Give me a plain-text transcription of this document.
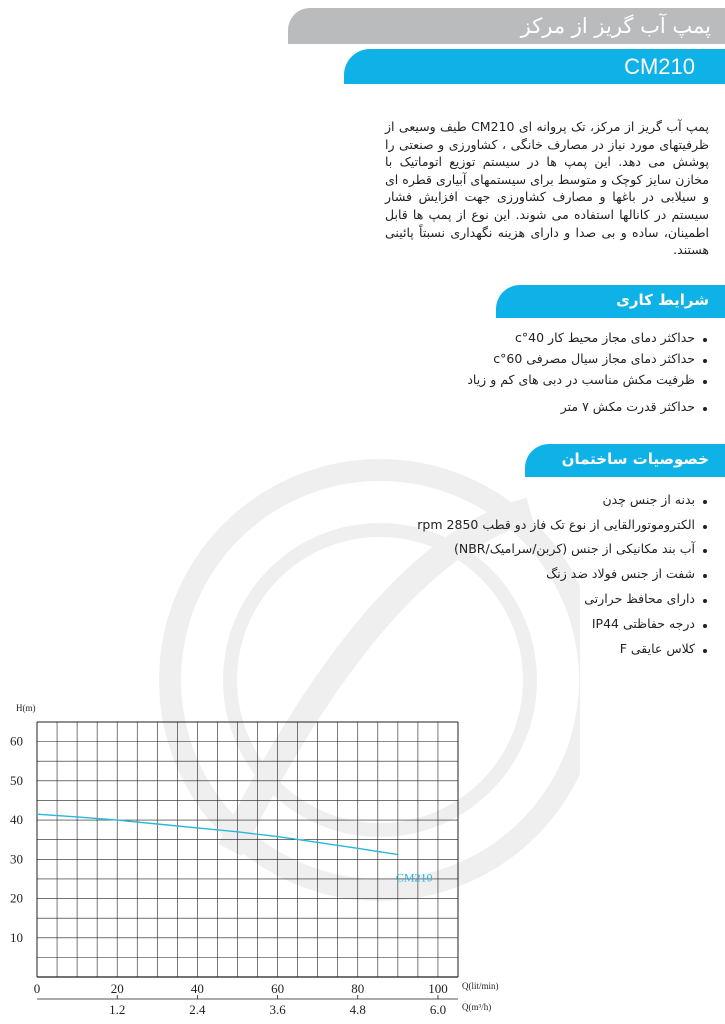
پمپ آب گریز از مرکز
CM210
پمپ آب گریز از مرکز، تک پروانه ای CM210 طیف وسیعی از ظرفیتهای مورد نیاز در مصارف خانگی ، کشاورزی و صنعتی را پوشش می دهد. این پمپ ها در سیستم توزیع اتوماتیک با مخازن سایز کوچک و متوسط برای سیستمهای آبیاری قطره ای و سیلابی در باغها و مصارف کشاورزی جهت افزایش فشار سیستم در کانالها استفاده می شوند. این نوع از پمپ ها قابل اطمینان، ساده و بی صدا و دارای هزینه نگهداری نسبتاً پائینی هستند.
شرایط کاری
حداکثر دمای مجاز محیط کار 40°c
حداکثر دمای مجاز سیال مصرفی 60°c
ظرفیت مکش مناسب در دبی های کم و زیاد
حداکثر قدرت مکش ۷ متر
خصوصیات ساختمان پمپ
بدنه از جنس چدن
الکتروموتورالقایی از نوع تک فاز دو قطب 2850 rpm
آب بند مکانیکی از جنس (کربن/سرامیک/NBR)
شفت از جنس فولاد ضد زنگ
دارای محافظ حرارتی
درجه حفاظتی IP44
کلاس عایقی F
H(m)
Q(lit/min)
Q(m³/h)
60
50
40
30
20
10
0	20	40	60	80	100
1.2	2.4	3.6	4.8	6.0
CM210
